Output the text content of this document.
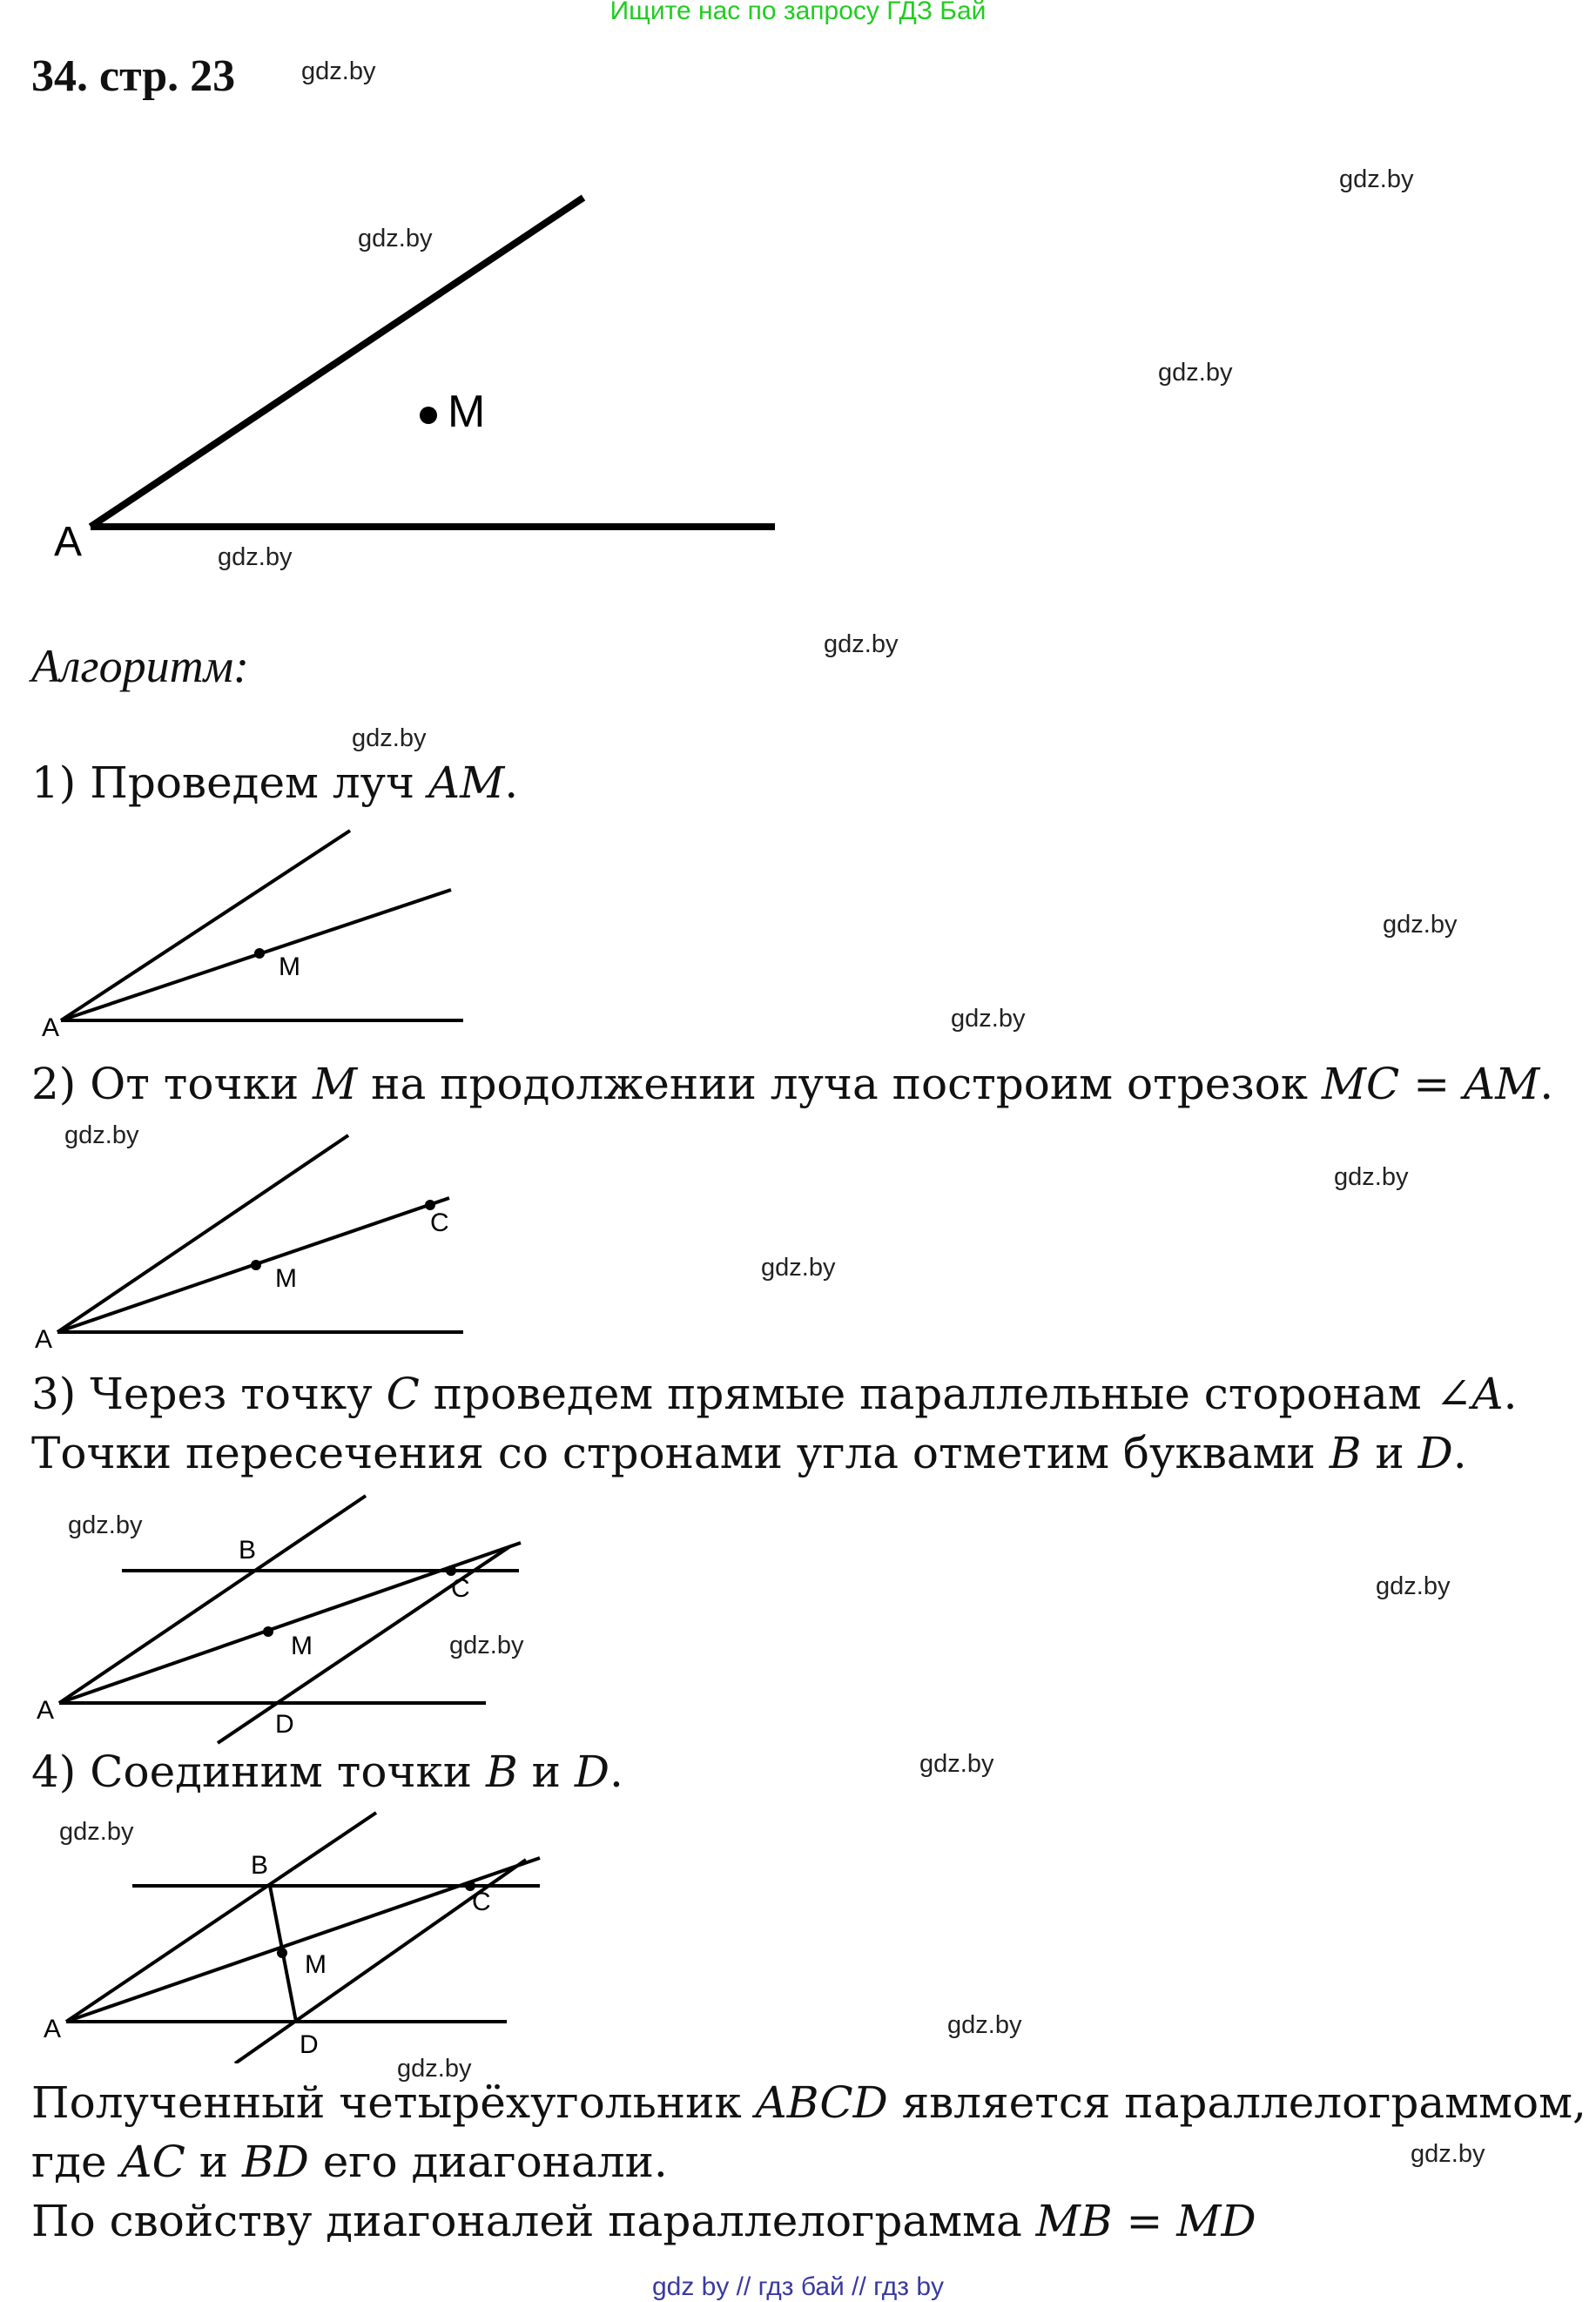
Ищите нас по запросу ГДЗ Бай
34. стр. 23	gdz.by
gdz.by
gdz.by
gdz.by
gdz.by
gdz.by
gdz.by
gdz.by
gdz.by
gdz.by
gdz.by
gdz.by
gdz.by
gdz.by
gdz.by
gdz.by
gdz.by
gdz.by
gdz.by
gdz.by
M
A
Алгоритм:
1) Проведем луч AM.
M
A
2) От точки M на продолжении луча построим отрезок MC = AM.
M
C
A
3) Через точку C проведем прямые параллельные сторонам ∠A.
Точки пересечения со стронами угла отметим буквами B и D.
M
C
B
D
A
4) Соединим точки B и D.
M
C
B
D
A
Полученный четырёхугольник ABCD является параллелограммом,
где AC и BD его диагонали.
По свойству диагоналей параллелограмма MB = MD
gdz by // гдз бай // гдз by
